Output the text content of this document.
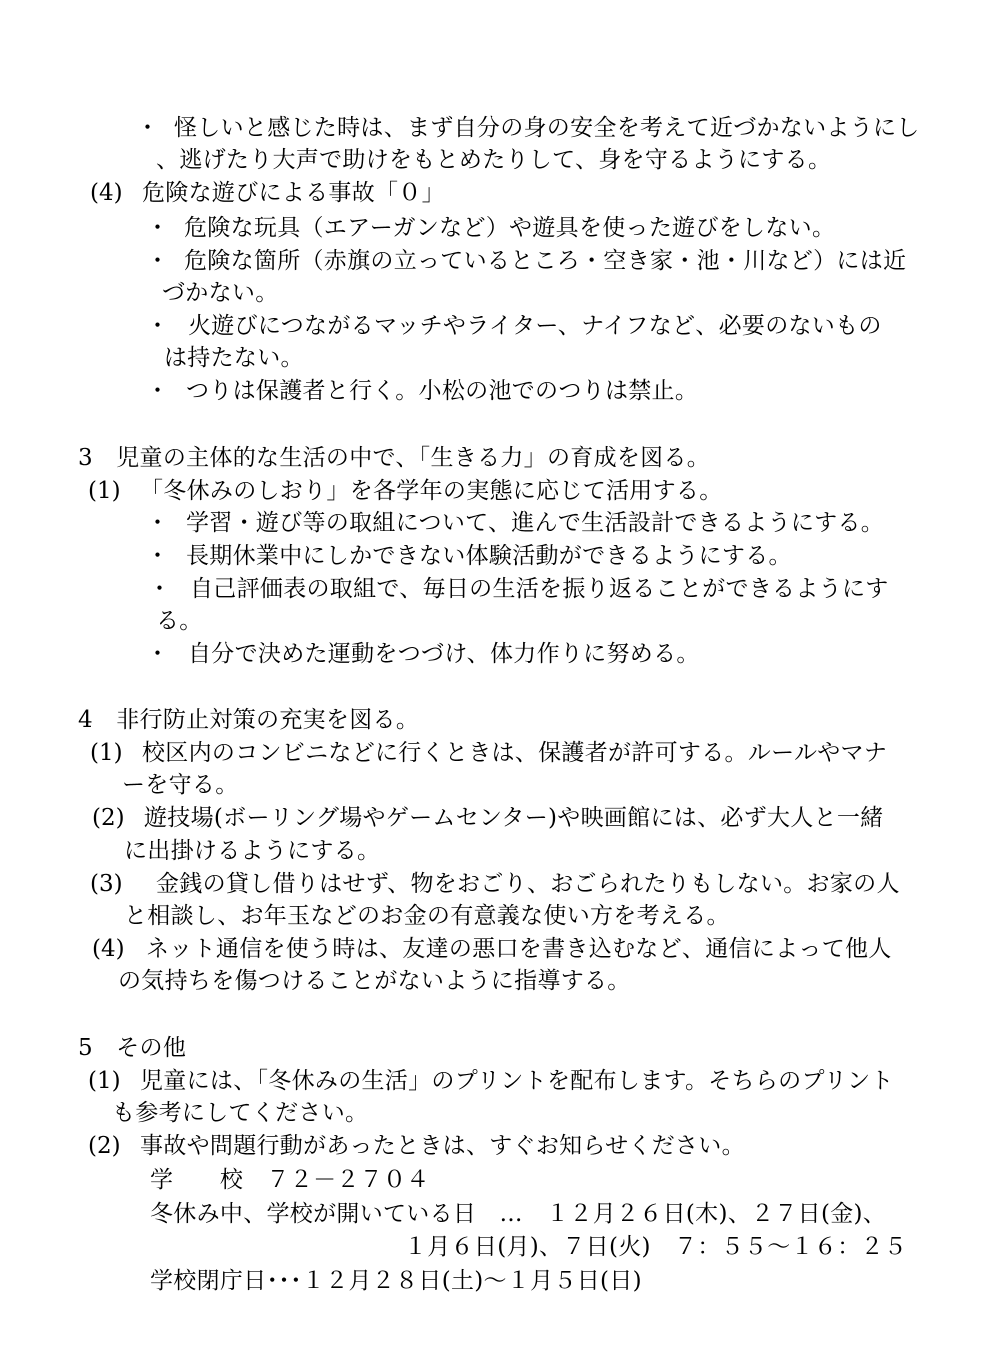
・ 怪しいと感じた時は、まず自分の身の安全を考えて近づかないようにし
、逃げたり大声で助けをもとめたりして、身を守るようにする。
(4) 危険な遊びによる事故「０」
・ 危険な玩具（エアーガンなど）や遊具を使った遊びをしない。
・ 危険な箇所（赤旗の立っているところ・空き家・池・川など）には近
づかない。
・ 火遊びにつながるマッチやライター、ナイフなど、必要のないもの
は持たない。
・ つりは保護者と行く。小松の池でのつりは禁止。
3　児童の主体的な生活の中で、「生きる力」の育成を図る。
(1) 「冬休みのしおり」を各学年の実態に応じて活用する。
・ 学習・遊び等の取組について、進んで生活設計できるようにする。
・ 長期休業中にしかできない体験活動ができるようにする。
・ 自己評価表の取組で、毎日の生活を振り返ることができるようにす
る。
・ 自分で決めた運動をつづけ、体力作りに努める。
4　非行防止対策の充実を図る。
(1) 校区内のコンビニなどに行くときは、保護者が許可する。ルールやマナ
ーを守る。
(2) 遊技場(ボーリング場やゲームセンター)や映画館には、必ず大人と一緒
に出掛けるようにする。
(3) 金銭の貸し借りはせず、物をおごり、おごられたりもしない。お家の人
と相談し、お年玉などのお金の有意義な使い方を考える。
(4) ネット通信を使う時は、友達の悪口を書き込むなど、通信によって他人
の気持ちを傷つけることがないように指導する。
5　その他
(1) 児童には、「冬休みの生活」のプリントを配布します。そちらのプリント
も参考にしてください。
(2) 事故や問題行動があったときは、すぐお知らせください。
学　　校　７２－２７０４
冬休み中、学校が開いている日　…　１２月２６日(木)、２７日(金)、
１月６日(月)、７日(火)　７：５５～１６：２５
学校閉庁日･･･１２月２８日(土)～１月５日(日)
